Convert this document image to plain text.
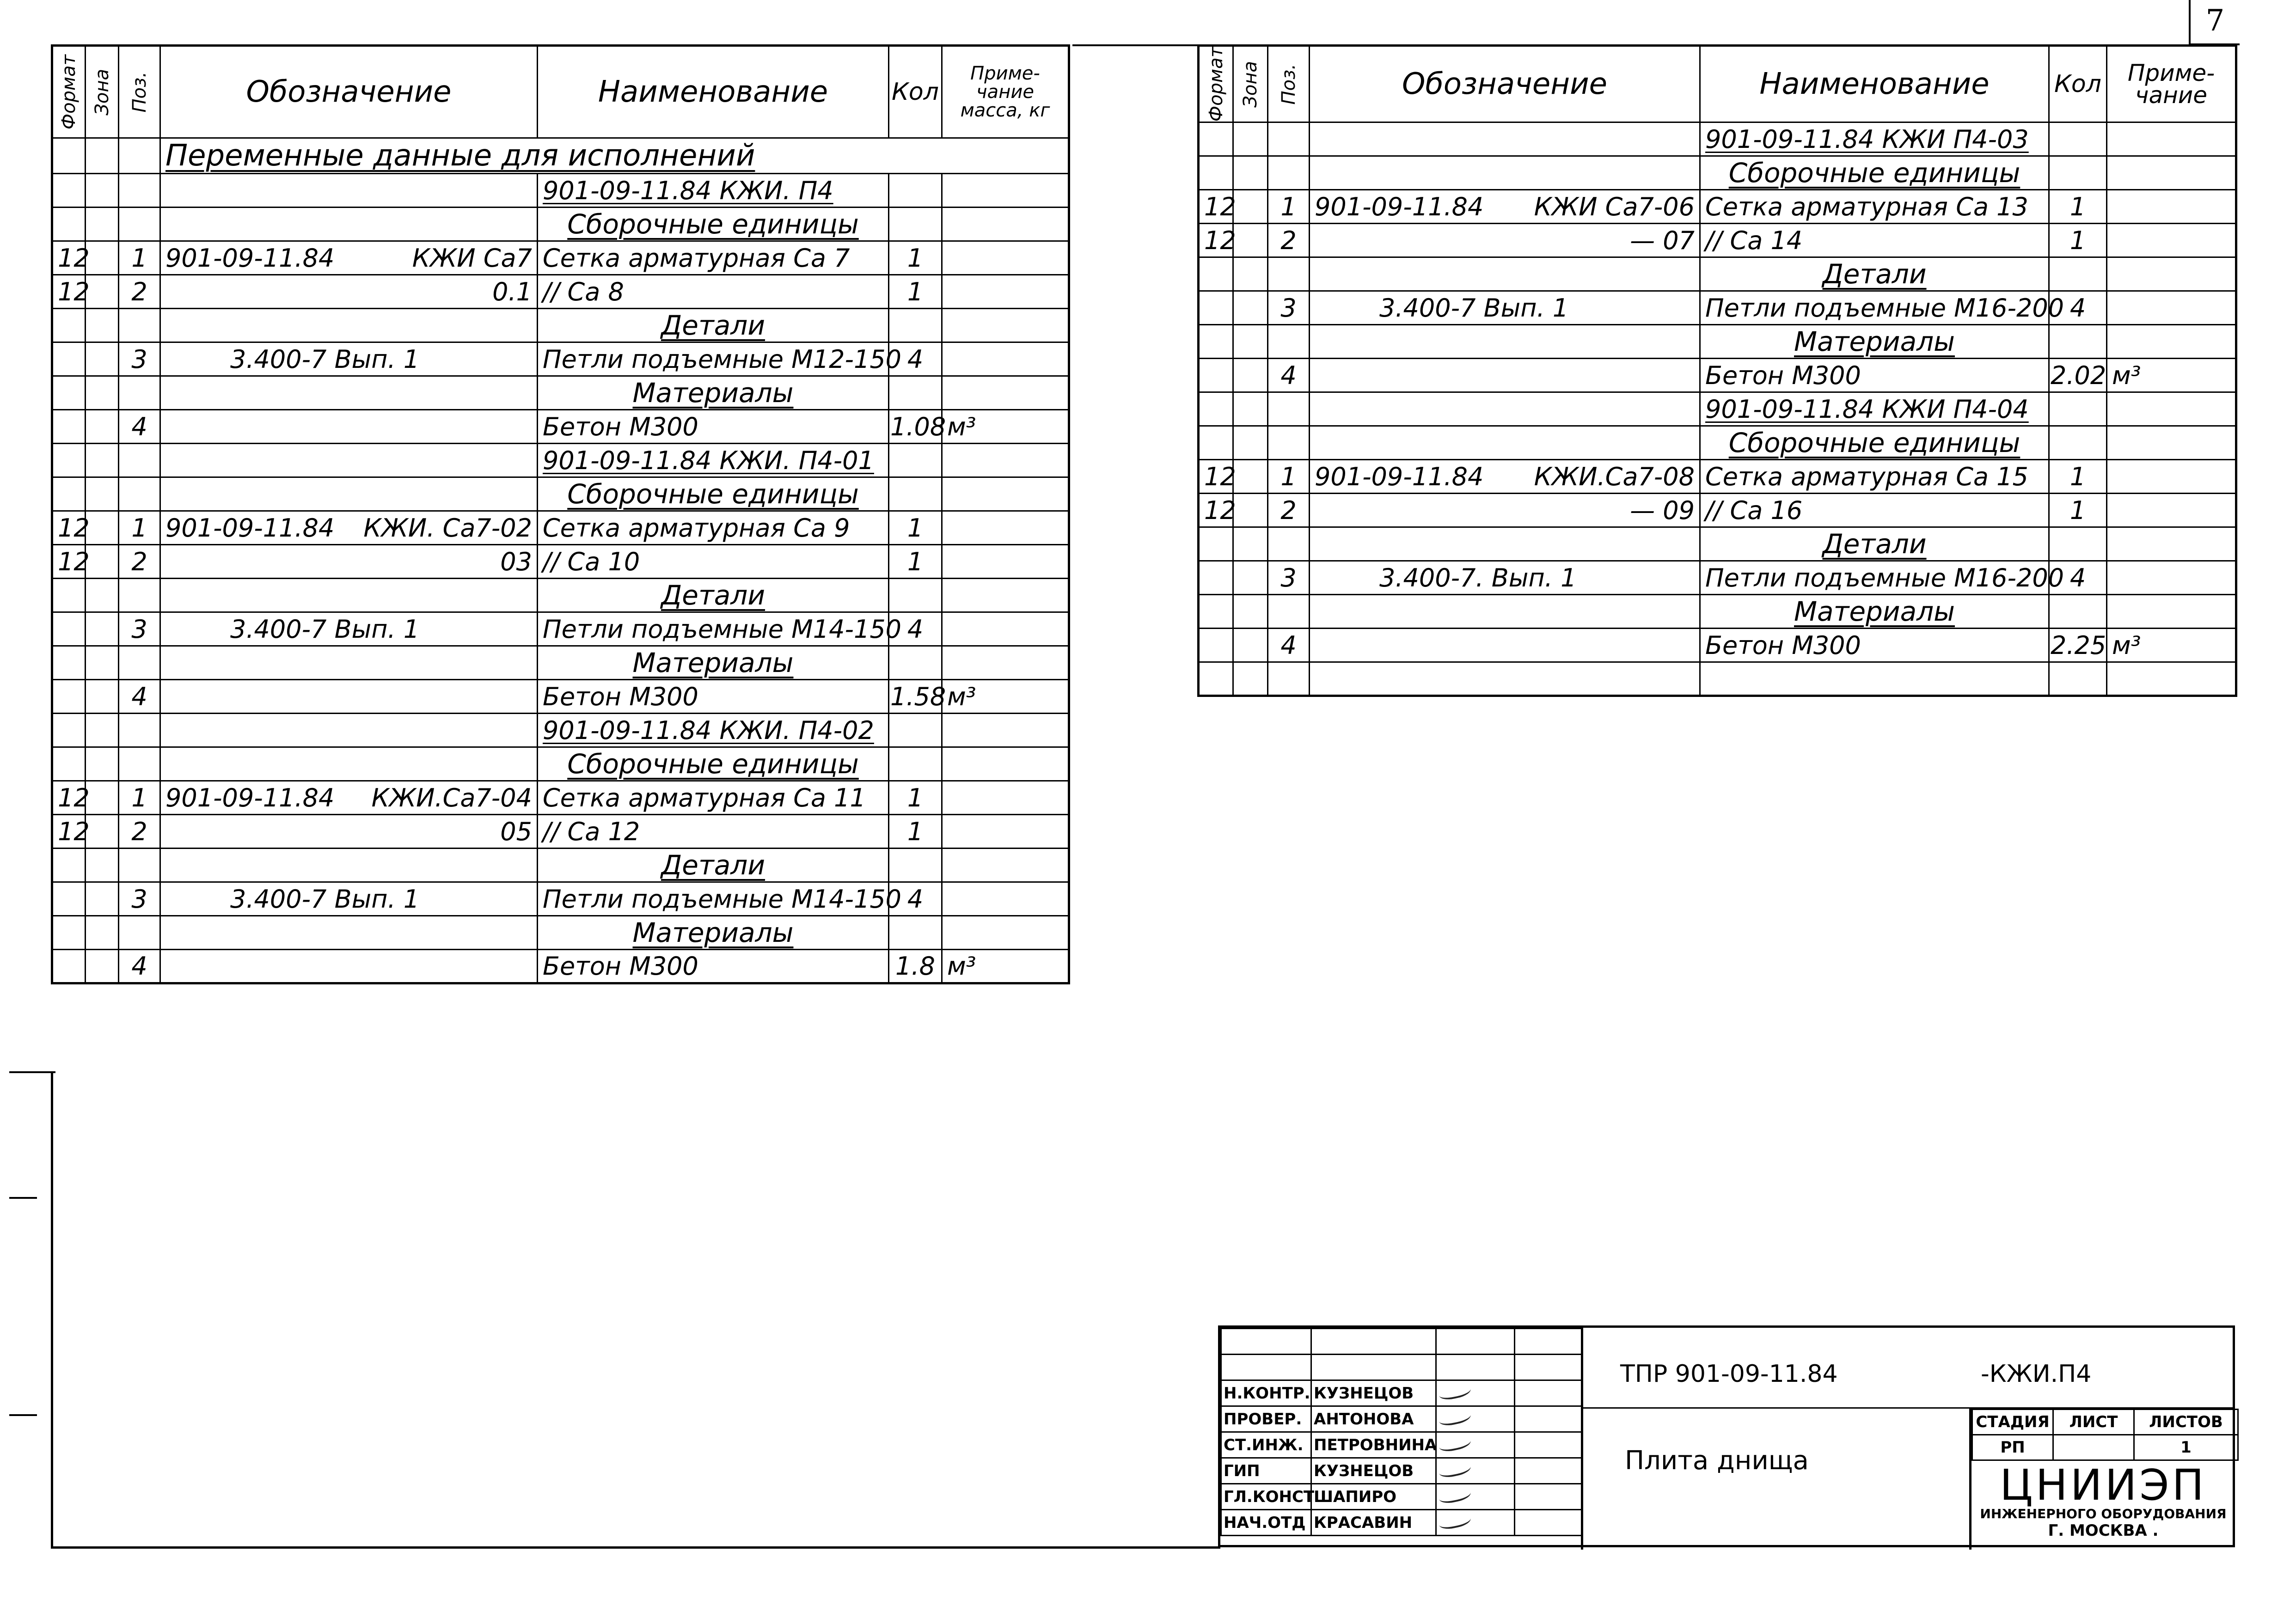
7
Формат	Зона	Поз.	Обозначение	Наименование	Кол	Приме-
чание
масса, кг
			Переменные данные для исполнений			
				901-09-11.84 КЖИ. П4		
				Сборочные единицы		
12		1	901-09-11.84 КЖИ Са7	Сетка арматурная Са 7	1	
12		2	0.1	// Са 8	1	
				Детали		
		3	3.400-7 Вып. 1	Петли подъемные М12-150	4	
				Материалы		
		4		Бетон М300	1.08	м³
				901-09-11.84 КЖИ. П4-01		
				Сборочные единицы		
12		1	901-09-11.84 КЖИ. Са7-02	Сетка арматурная Са 9	1	
12		2	03	// Са 10	1	
				Детали		
		3	3.400-7 Вып. 1	Петли подъемные М14-150	4	
				Материалы		
		4		Бетон М300	1.58	м³
				901-09-11.84 КЖИ. П4-02		
				Сборочные единицы		
12		1	901-09-11.84 КЖИ.Са7-04	Сетка арматурная Са 11	1	
12		2	05	// Са 12	1	
				Детали		
		3	3.400-7 Вып. 1	Петли подъемные М14-150	4	
				Материалы		
		4		Бетон М300	1.8	м³
Формат	Зона	Поз.	Обозначение	Наименование	Кол	Приме-
чание
				901-09-11.84 КЖИ П4-03		
				Сборочные единицы		
12		1	901-09-11.84 КЖИ Са7-06	Сетка арматурная Са 13	1	
12		2	— 07	// Са 14	1	
				Детали		
		3	3.400-7 Вып. 1	Петли подъемные М16-200	4	
				Материалы		
		4		Бетон М300	2.02	м³
				901-09-11.84 КЖИ П4-04		
				Сборочные единицы		
12		1	901-09-11.84 КЖИ.Са7-08	Сетка арматурная Са 15	1	
12		2	— 09	// Са 16	1	
				Детали		
		3	3.400-7. Вып. 1	Петли подъемные М16-200	4	
				Материалы		
		4		Бетон М300	2.25	м³

Н.КОНТР.	КУЗНЕЦОВ		
ПРОВЕР.	АНТОНОВА		
СТ.ИНЖ.	ПЕТРОВНИНА		
ГИП	КУЗНЕЦОВ		
ГЛ.КОНСТ	ШАПИРО		
НАЧ.ОТД	КРАСАВИН		
ТПР 901-09-11.84	-КЖИ.П4
Плита днища
СТАДИЯ	ЛИСТ	ЛИСТОВ
РП		1
ЦНИИЭП
ИНЖЕНЕРНОГО ОБОРУДОВАНИЯ
Г. МОСКВА .
